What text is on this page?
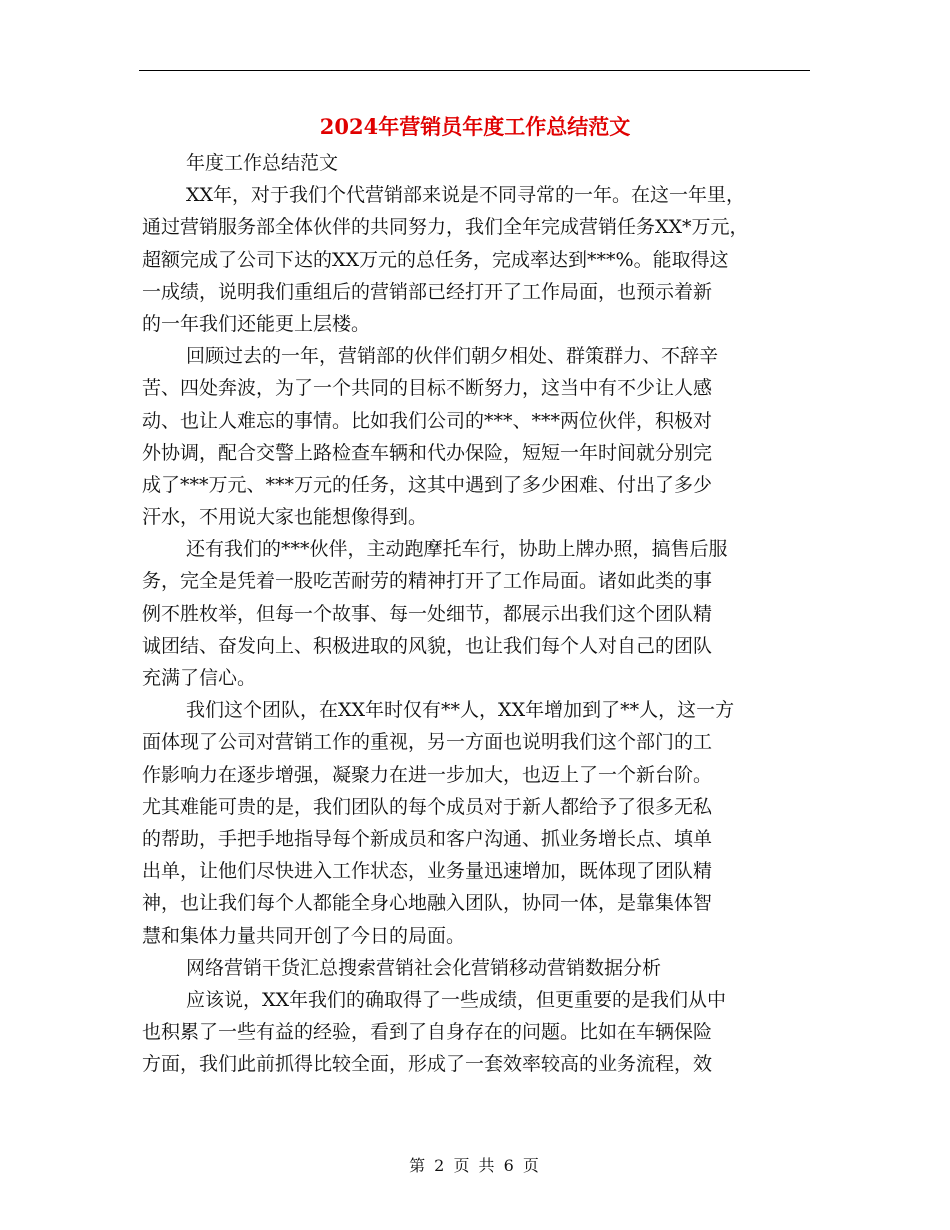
2024年营销员年度工作总结范文
年度工作总结范文
XX年，对于我们个代营销部来说是不同寻常的一年。在这一年里，
通过营销服务部全体伙伴的共同努力，我们全年完成营销任务XX*万元，
超额完成了公司下达的XX万元的总任务，完成率达到***%。能取得这
一成绩，说明我们重组后的营销部已经打开了工作局面，也预示着新
的一年我们还能更上层楼。
回顾过去的一年，营销部的伙伴们朝夕相处、群策群力、不辞辛
苦、四处奔波，为了一个共同的目标不断努力，这当中有不少让人感
动、也让人难忘的事情。比如我们公司的***、***两位伙伴，积极对
外协调，配合交警上路检查车辆和代办保险，短短一年时间就分别完
成了***万元、***万元的任务，这其中遇到了多少困难、付出了多少
汗水，不用说大家也能想像得到。
还有我们的***伙伴，主动跑摩托车行，协助上牌办照，搞售后服
务，完全是凭着一股吃苦耐劳的精神打开了工作局面。诸如此类的事
例不胜枚举，但每一个故事、每一处细节，都展示出我们这个团队精
诚团结、奋发向上、积极进取的风貌，也让我们每个人对自己的团队
充满了信心。
我们这个团队，在XX年时仅有**人，XX年增加到了**人，这一方
面体现了公司对营销工作的重视，另一方面也说明我们这个部门的工
作影响力在逐步增强，凝聚力在进一步加大，也迈上了一个新台阶。
尤其难能可贵的是，我们团队的每个成员对于新人都给予了很多无私
的帮助，手把手地指导每个新成员和客户沟通、抓业务增长点、填单
出单，让他们尽快进入工作状态，业务量迅速增加，既体现了团队精
神，也让我们每个人都能全身心地融入团队，协同一体，是靠集体智
慧和集体力量共同开创了今日的局面。
网络营销干货汇总搜索营销社会化营销移动营销数据分析
应该说，XX年我们的确取得了一些成绩，但更重要的是我们从中
也积累了一些有益的经验，看到了自身存在的问题。比如在车辆保险
方面，我们此前抓得比较全面，形成了一套效率较高的业务流程，效
第 2 页 共 6 页
